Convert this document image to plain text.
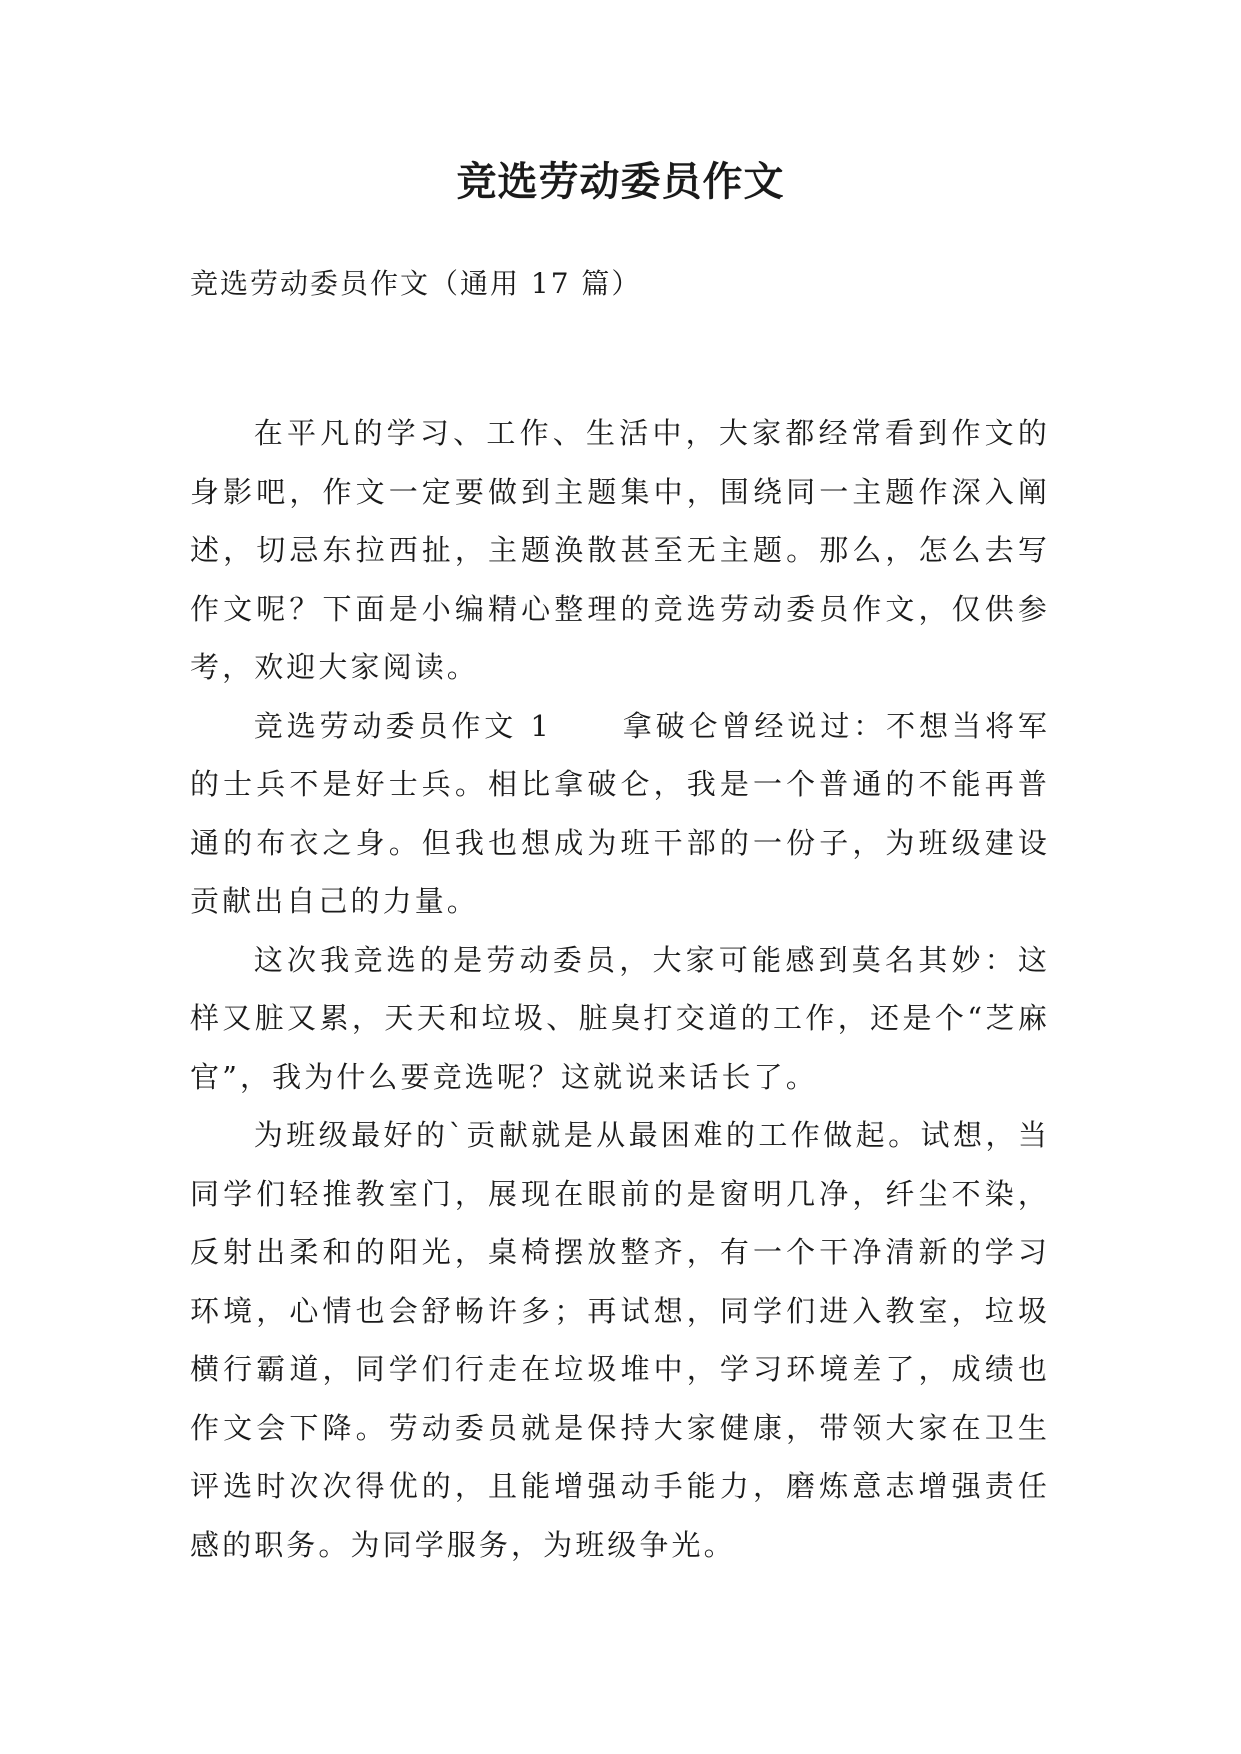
竞选劳动委员作文

竞选劳动委员作文（通用 17 篇）

在平凡的学习、工作、生活中，大家都经常看到作文的身影吧，作文一定要做到主题集中，围绕同一主题作深入阐述，切忌东拉西扯，主题涣散甚至无主题。那么，怎么去写作文呢？下面是小编精心整理的竞选劳动委员作文，仅供参考，欢迎大家阅读。

竞选劳动委员作文 1 拿破仑曾经说过：不想当将军的士兵不是好士兵。相比拿破仑，我是一个普通的不能再普通的布衣之身。但我也想成为班干部的一份子，为班级建设贡献出自己的力量。

这次我竞选的是劳动委员，大家可能感到莫名其妙：这样又脏又累，天天和垃圾、脏臭打交道的工作，还是个“芝麻官”，我为什么要竞选呢？这就说来话长了。

为班级最好的`贡献就是从最困难的工作做起。试想，当同学们轻推教室门，展现在眼前的是窗明几净，纤尘不染，反射出柔和的阳光，桌椅摆放整齐，有一个干净清新的学习环境，心情也会舒畅许多；再试想，同学们进入教室，垃圾横行霸道，同学们行走在垃圾堆中，学习环境差了，成绩也作文会下降。劳动委员就是保持大家健康，带领大家在卫生评选时次次得优的，且能增强动手能力，磨炼意志增强责任感的职务。为同学服务，为班级争光。
